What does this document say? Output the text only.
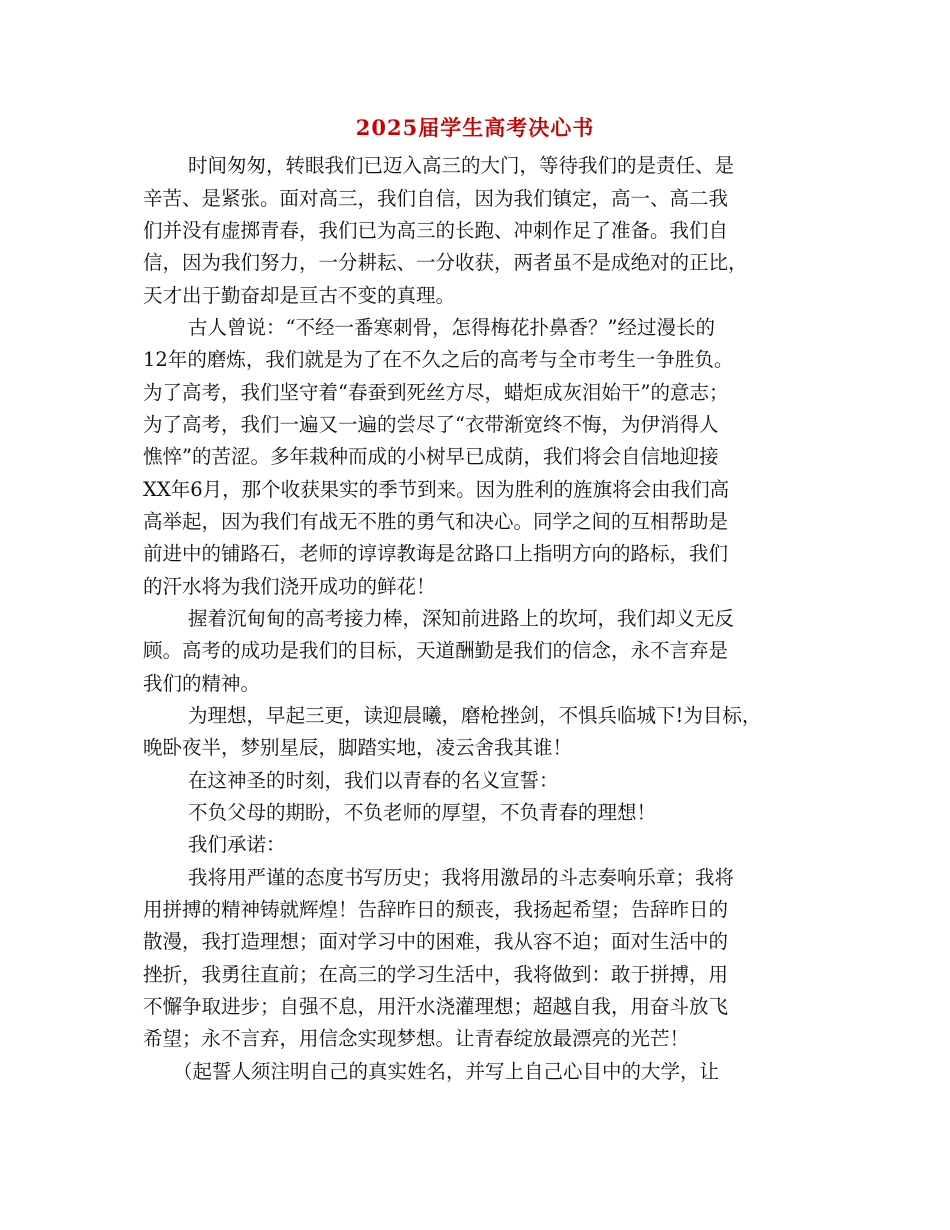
2025届学生高考决心书
时间匆匆，转眼我们已迈入高三的大门，等待我们的是责任、是
辛苦、是紧张。面对高三，我们自信，因为我们镇定，高一、高二我
们并没有虚掷青春，我们已为高三的长跑、冲刺作足了准备。我们自
信，因为我们努力，一分耕耘、一分收获，两者虽不是成绝对的正比，
天才出于勤奋却是亘古不变的真理。
古人曾说：“不经一番寒刺骨，怎得梅花扑鼻香？”经过漫长的
12年的磨炼，我们就是为了在不久之后的高考与全市考生一争胜负。
为了高考，我们坚守着“春蚕到死丝方尽，蜡炬成灰泪始干”的意志；
为了高考，我们一遍又一遍的尝尽了“衣带渐宽终不悔，为伊消得人
憔悴”的苦涩。多年栽种而成的小树早已成荫，我们将会自信地迎接
XX年6月，那个收获果实的季节到来。因为胜利的旌旗将会由我们高
高举起，因为我们有战无不胜的勇气和决心。同学之间的互相帮助是
前进中的铺路石，老师的谆谆教诲是岔路口上指明方向的路标，我们
的汗水将为我们浇开成功的鲜花！
握着沉甸甸的高考接力棒，深知前进路上的坎坷，我们却义无反
顾。高考的成功是我们的目标，天道酬勤是我们的信念，永不言弃是
我们的精神。
为理想，早起三更，读迎晨曦，磨枪挫剑，不惧兵临城下!为目标，
晚卧夜半，梦别星辰，脚踏实地，凌云舍我其谁！
在这神圣的时刻，我们以青春的名义宣誓：
不负父母的期盼，不负老师的厚望，不负青春的理想！
我们承诺：
我将用严谨的态度书写历史；我将用激昂的斗志奏响乐章；我将
用拼搏的精神铸就辉煌！告辞昨日的颓丧，我扬起希望；告辞昨日的
散漫，我打造理想；面对学习中的困难，我从容不迫；面对生活中的
挫折，我勇往直前；在高三的学习生活中，我将做到：敢于拼搏，用
不懈争取进步；自强不息，用汗水浇灌理想；超越自我，用奋斗放飞
希望；永不言弃，用信念实现梦想。让青春绽放最漂亮的光芒！
（起誓人须注明自己的真实姓名，并写上自己心目中的大学，让
